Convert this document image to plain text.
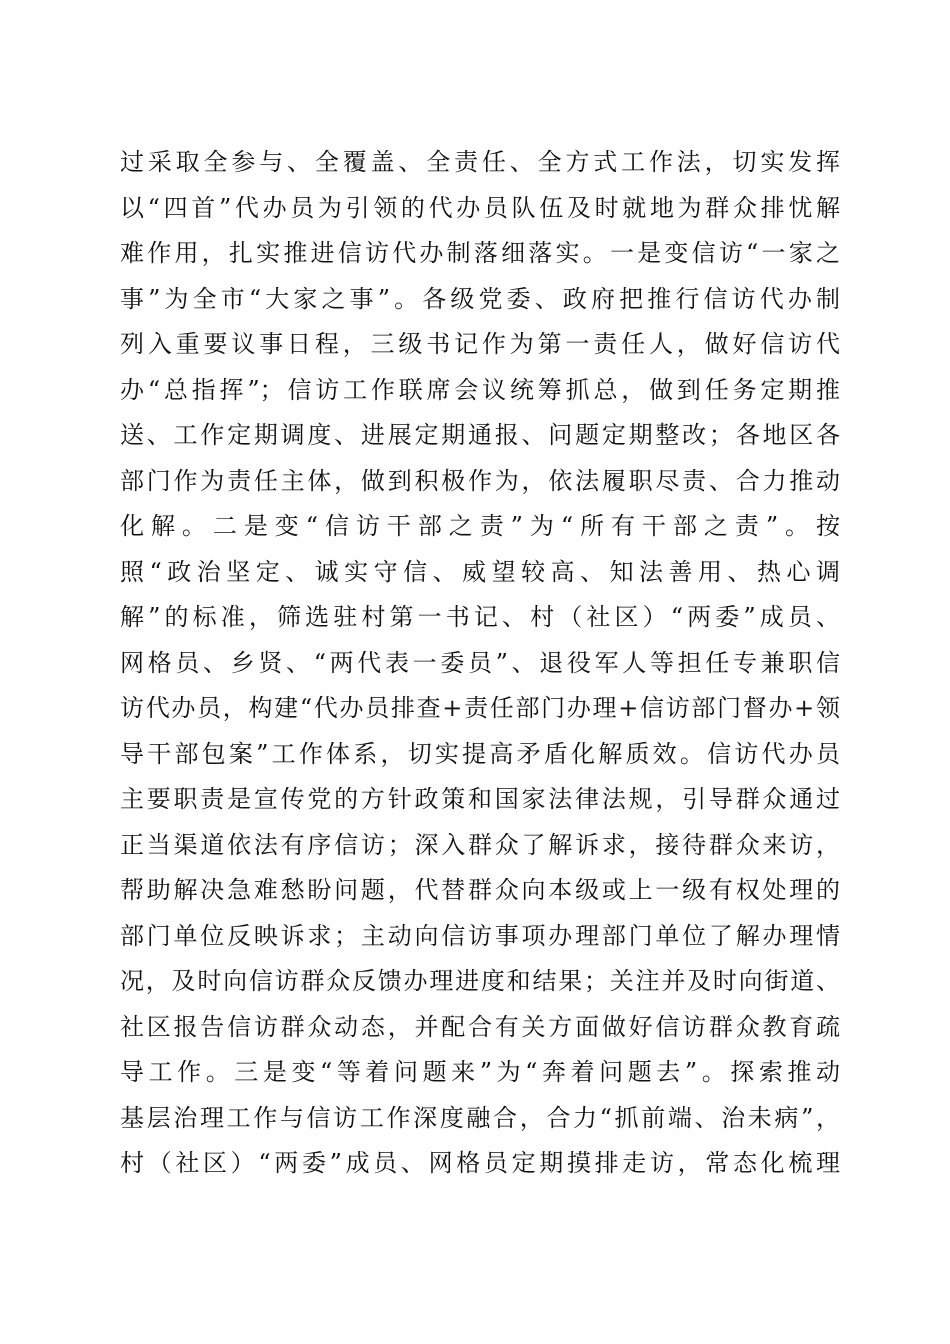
过采取全参与、全覆盖、全责任、全方式工作法，切实发挥
以“四首”代办员为引领的代办员队伍及时就地为群众排忧解
难作用，扎实推进信访代办制落细落实。一是变信访“一家之
事”为全市“大家之事”。各级党委、政府把推行信访代办制
列入重要议事日程，三级书记作为第一责任人，做好信访代
办“总指挥”；信访工作联席会议统筹抓总，做到任务定期推
送、工作定期调度、进展定期通报、问题定期整改；各地区各
部门作为责任主体，做到积极作为，依法履职尽责、合力推动
化解。二是变“信访干部之责”为“所有干部之责”。按
照“政治坚定、诚实守信、威望较高、知法善用、热心调
解”的标准，筛选驻村第一书记、村（社区）“两委”成员、
网格员、乡贤、“两代表一委员”、退役军人等担任专兼职信
访代办员，构建“代办员排查+责任部门办理+信访部门督办+领
导干部包案”工作体系，切实提高矛盾化解质效。信访代办员
主要职责是宣传党的方针政策和国家法律法规，引导群众通过
正当渠道依法有序信访；深入群众了解诉求，接待群众来访，
帮助解决急难愁盼问题，代替群众向本级或上一级有权处理的
部门单位反映诉求；主动向信访事项办理部门单位了解办理情
况，及时向信访群众反馈办理进度和结果；关注并及时向街道、
社区报告信访群众动态，并配合有关方面做好信访群众教育疏
导工作。三是变“等着问题来”为“奔着问题去”。探索推动
基层治理工作与信访工作深度融合，合力“抓前端、治未病”，
村（社区）“两委”成员、网格员定期摸排走访，常态化梳理
